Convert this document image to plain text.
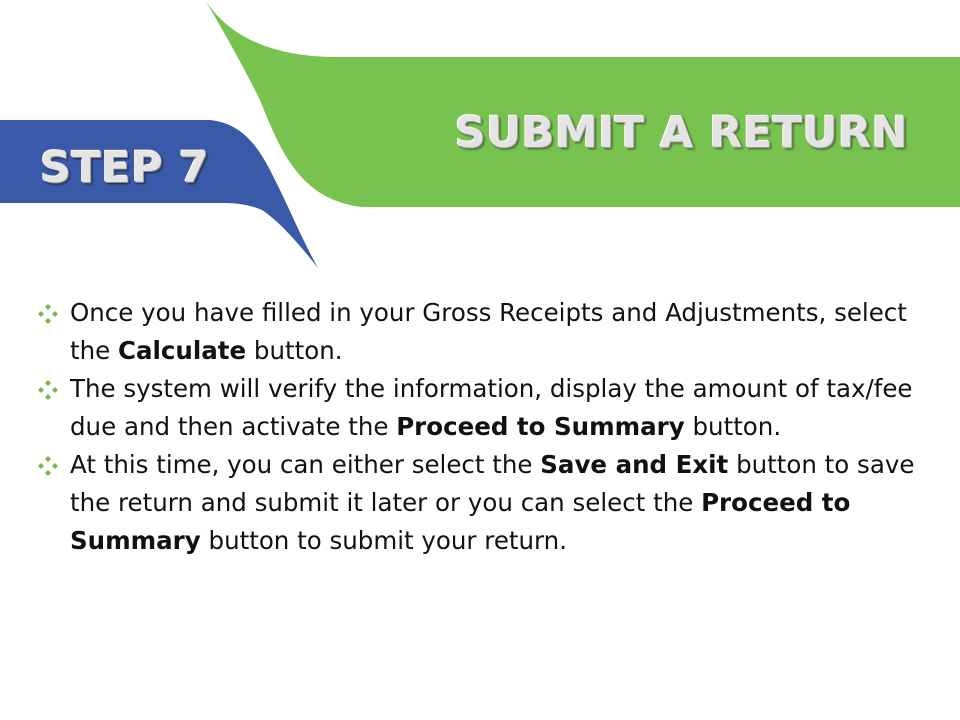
SUBMIT A RETURN
STEP 7
Once you have filled in your Gross Receipts and Adjustments, select the Calculate button.
The system will verify the information, display the amount of tax/fee due and then activate the Proceed to Summary button.
At this time, you can either select the Save and Exit button to save the return and submit it later or you can select the Proceed to Summary button to submit your return.
